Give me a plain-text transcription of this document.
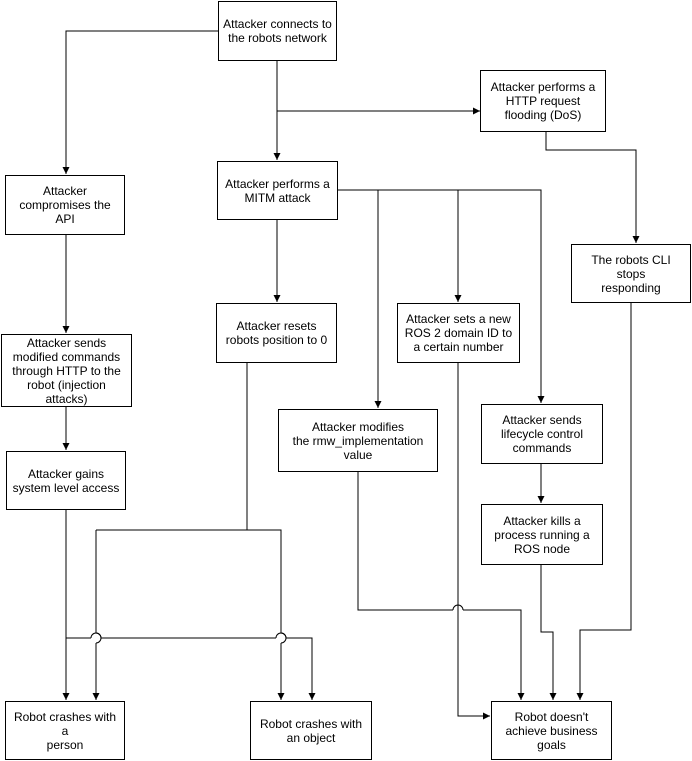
Attacker connects to
the robots network
Attacker performs a
HTTP request
flooding (DoS)
Attacker
compromises the API
Attacker performs a
MITM attack
The robots CLI stops
responding
Attacker sends
modified commands
through HTTP to the
robot (injection attacks)
Attacker resets
robots position to 0
Attacker sets a new
ROS 2 domain ID to
a certain number
Attacker modifies
the rmw_implementation
value
Attacker sends
lifecycle control
commands
Attacker gains
system level access
Attacker kills a
process running a
ROS node
Robot crashes with a
person
Robot crashes with
an object
Robot doesn't
achieve business
goals
